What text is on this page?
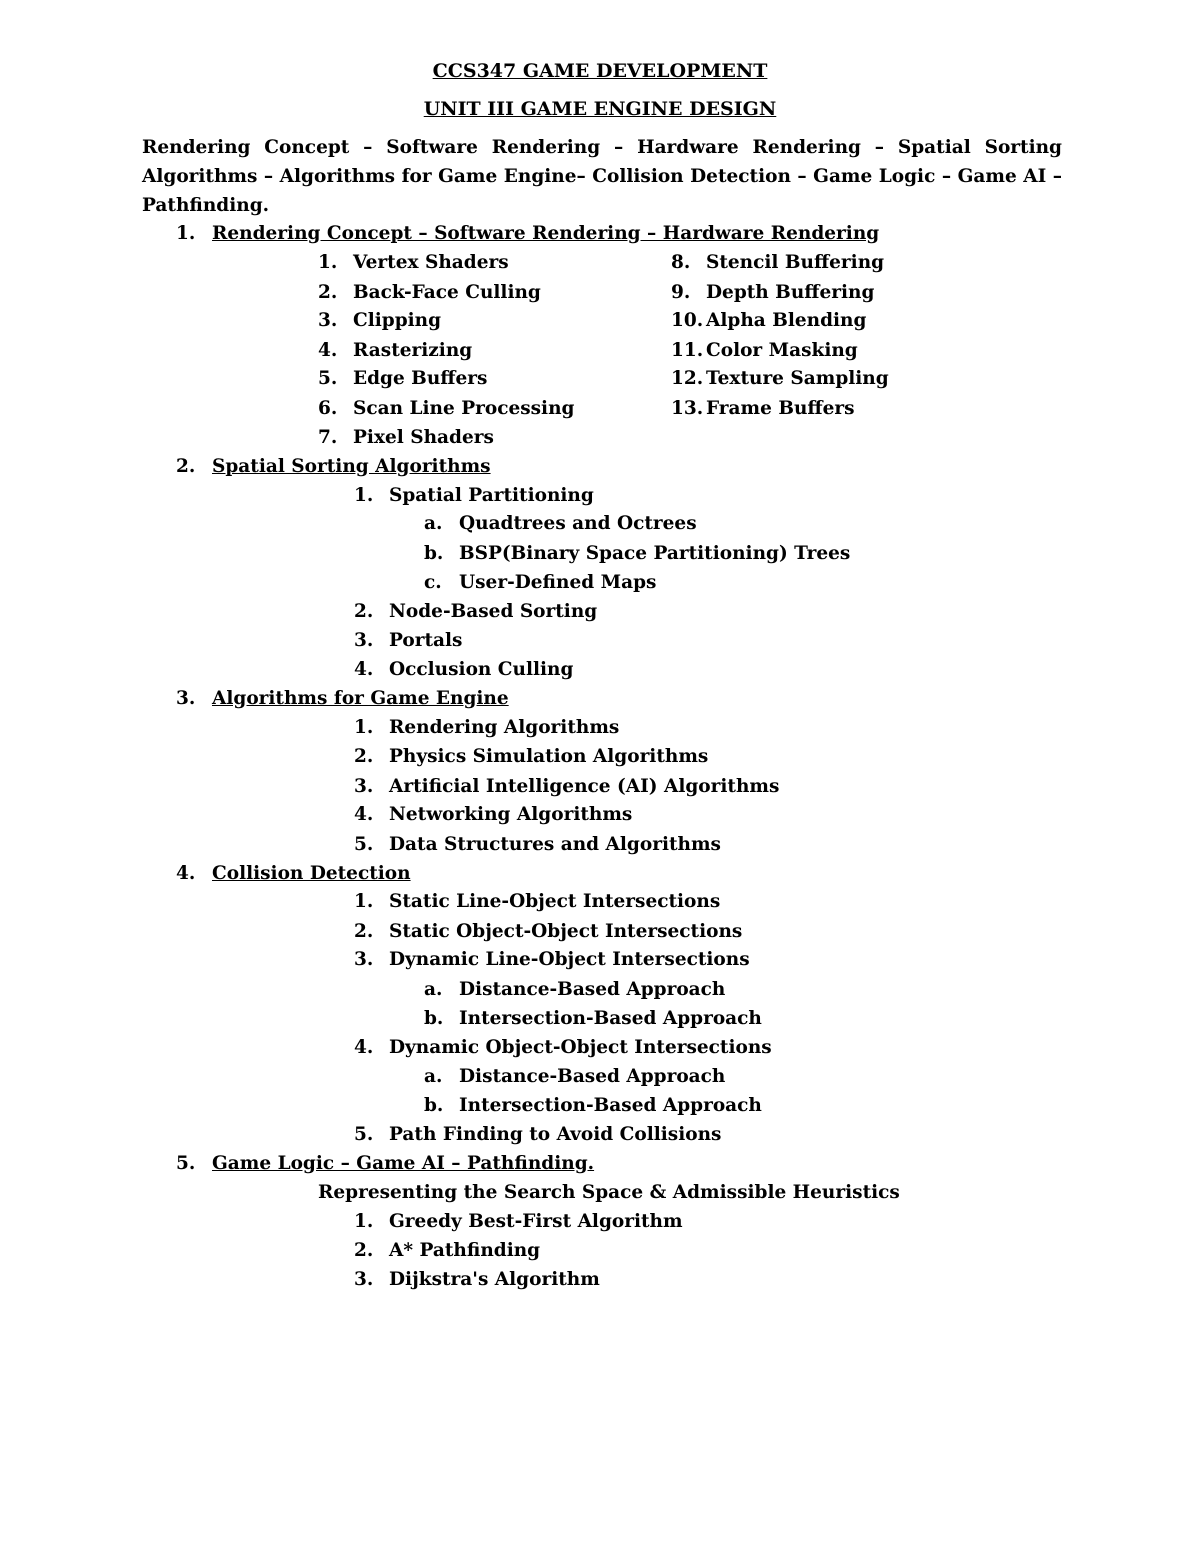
CCS347 GAME DEVELOPMENT
UNIT III GAME ENGINE DESIGN
Rendering Concept – Software Rendering – Hardware Rendering – Spatial Sorting Algorithms – Algorithms for Game Engine– Collision Detection – Game Logic – Game AI – Pathfinding.
1. Rendering Concept – Software Rendering – Hardware Rendering
1. Vertex Shaders
2. Back-Face Culling
3. Clipping
4. Rasterizing
5. Edge Buffers
6. Scan Line Processing
7. Pixel Shaders
8. Stencil Buffering
9. Depth Buffering
10. Alpha Blending
11. Color Masking
12. Texture Sampling
13. Frame Buffers
2. Spatial Sorting Algorithms
1. Spatial Partitioning
a. Quadtrees and Octrees
b. BSP(Binary Space Partitioning) Trees
c. User-Defined Maps
2. Node-Based Sorting
3. Portals
4. Occlusion Culling
3. Algorithms for Game Engine
1. Rendering Algorithms
2. Physics Simulation Algorithms
3. Artificial Intelligence (AI) Algorithms
4. Networking Algorithms
5. Data Structures and Algorithms
4. Collision Detection
1. Static Line-Object Intersections
2. Static Object-Object Intersections
3. Dynamic Line-Object Intersections
a. Distance-Based Approach
b. Intersection-Based Approach
4. Dynamic Object-Object Intersections
a. Distance-Based Approach
b. Intersection-Based Approach
5. Path Finding to Avoid Collisions
5. Game Logic – Game AI – Pathfinding.
Representing the Search Space & Admissible Heuristics
1. Greedy Best-First Algorithm
2. A* Pathfinding
3. Dijkstra's Algorithm
